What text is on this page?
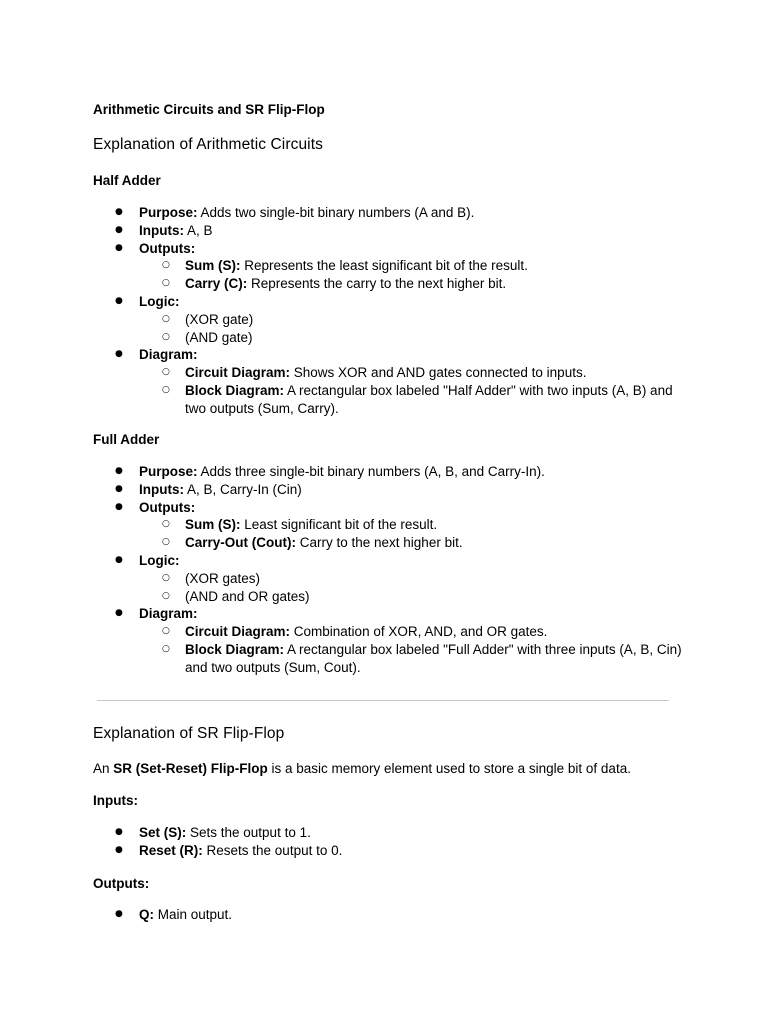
Arithmetic Circuits and SR Flip-Flop

Explanation of Arithmetic Circuits

Half Adder

● Purpose: Adds two single-bit binary numbers (A and B).
● Inputs: A, B
● Outputs:
○ Sum (S): Represents the least significant bit of the result.
○ Carry (C): Represents the carry to the next higher bit.
● Logic:
○ (XOR gate)
○ (AND gate)
● Diagram:
○ Circuit Diagram: Shows XOR and AND gates connected to inputs.
○ Block Diagram: A rectangular box labeled "Half Adder" with two inputs (A, B) and two outputs (Sum, Carry).

Full Adder

● Purpose: Adds three single-bit binary numbers (A, B, and Carry-In).
● Inputs: A, B, Carry-In (Cin)
● Outputs:
○ Sum (S): Least significant bit of the result.
○ Carry-Out (Cout): Carry to the next higher bit.
● Logic:
○ (XOR gates)
○ (AND and OR gates)
● Diagram:
○ Circuit Diagram: Combination of XOR, AND, and OR gates.
○ Block Diagram: A rectangular box labeled "Full Adder" with three inputs (A, B, Cin) and two outputs (Sum, Cout).

Explanation of SR Flip-Flop

An SR (Set-Reset) Flip-Flop is a basic memory element used to store a single bit of data.

Inputs:

● Set (S): Sets the output to 1.
● Reset (R): Resets the output to 0.

Outputs:

● Q: Main output.
